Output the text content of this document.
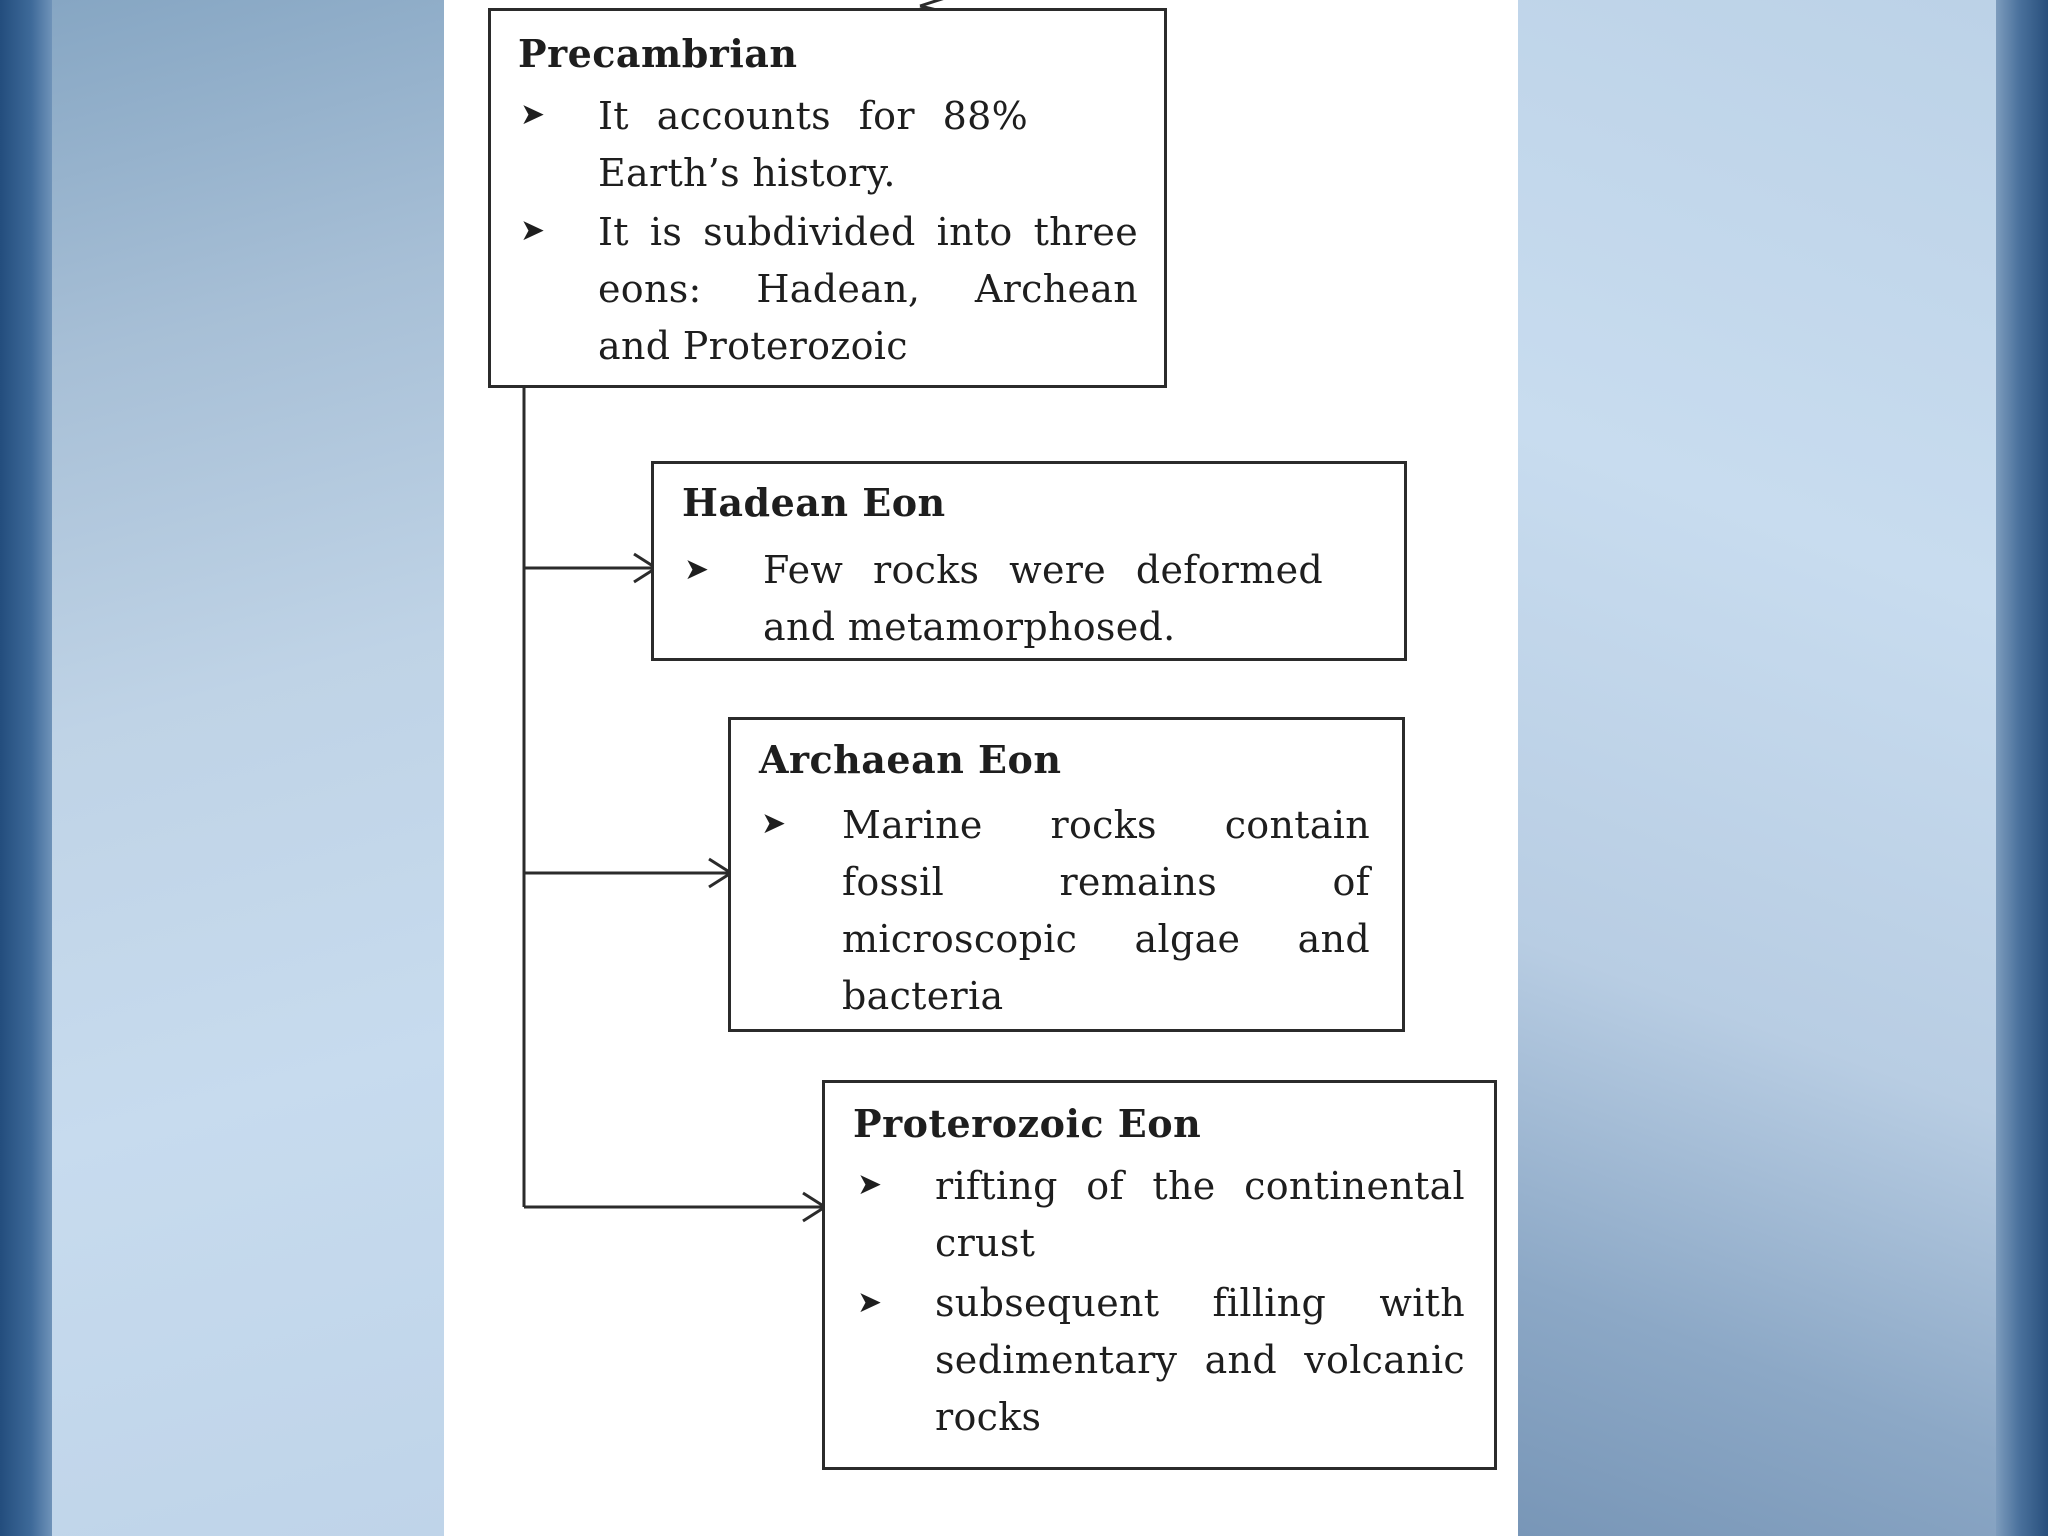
Precambrian
➤ It accounts for 88% Earth’s history.
➤ It is subdivided into three eons: Hadean, Archean and Proterozoic
Hadean Eon
➤ Few rocks were deformed and metamorphosed.
Archaean Eon
➤ Marine rocks contain fossil remains of microscopic algae and bacteria
Proterozoic Eon
➤ rifting of the continental crust
➤ subsequent filling with sedimentary and volcanic rocks
